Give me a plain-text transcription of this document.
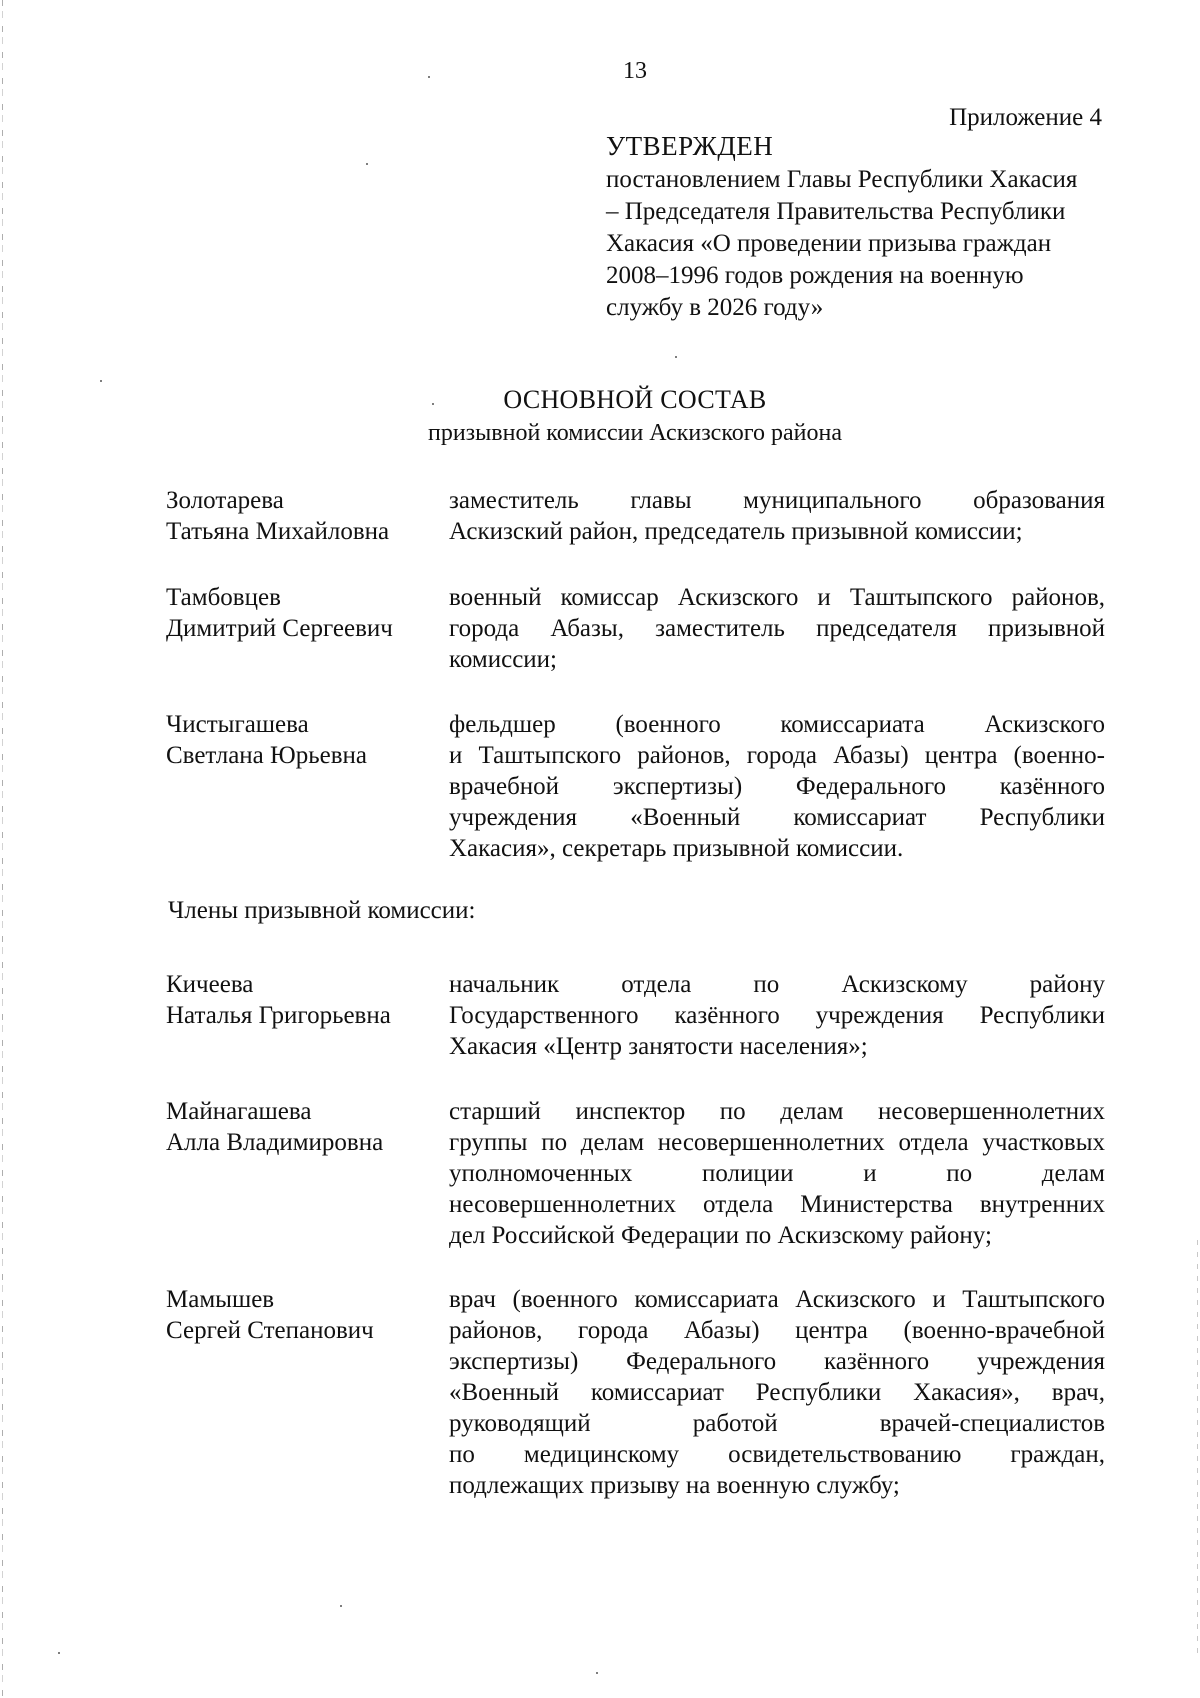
13
Приложение 4
УТВЕРЖДЕН
постановлением Главы Республики Хакасия
– Председателя Правительства Республики
Хакасия «О проведении призыва граждан
2008–1996 годов рождения на военную
службу в 2026 году»
ОСНОВНОЙ СОСТАВ
призывной комиссии Аскизского района
Золотарева
Татьяна Михайловна
заместитель главы муниципального образования
Аскизский район, председатель призывной комиссии;
Тамбовцев
Димитрий Сергеевич
военный комиссар Аскизского и Таштыпского районов,
города Абазы, заместитель председателя призывной
комиссии;
Чистыгашева
Светлана Юрьевна
фельдшер (военного комиссариата Аскизского
и Таштыпского районов, города Абазы) центра (военно-
врачебной экспертизы) Федерального казённого
учреждения «Военный комиссариат Республики
Хакасия», секретарь призывной комиссии.
Члены призывной комиссии:
Кичеева
Наталья Григорьевна
начальник отдела по Аскизскому району
Государственного казённого учреждения Республики
Хакасия «Центр занятости населения»;
Майнагашева
Алла Владимировна
старший инспектор по делам несовершеннолетних
группы по делам несовершеннолетних отдела участковых
уполномоченных полиции и по делам
несовершеннолетних отдела Министерства внутренних
дел Российской Федерации по Аскизскому району;
Мамышев
Сергей Степанович
врач (военного комиссариата Аскизского и Таштыпского
районов, города Абазы) центра (военно-врачебной
экспертизы) Федерального казённого учреждения
«Военный комиссариат Республики Хакасия», врач,
руководящий работой врачей-специалистов
по медицинскому освидетельствованию граждан,
подлежащих призыву на военную службу;
